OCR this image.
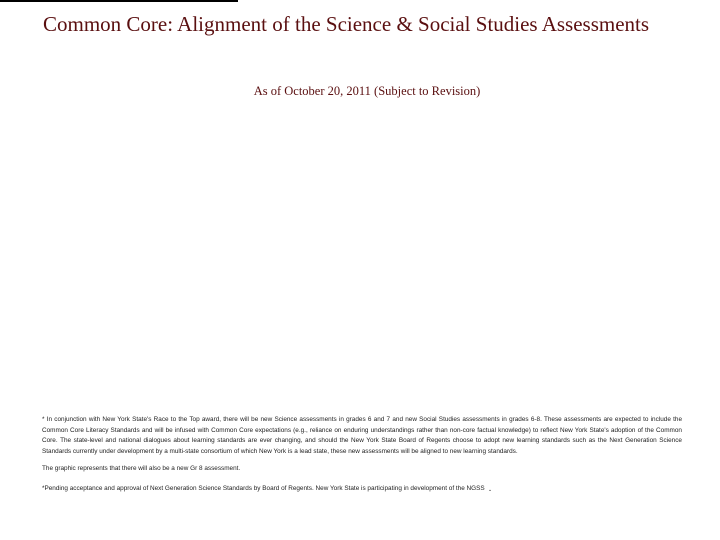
Common Core: Alignment of the Science & Social Studies Assessments
As of October 20, 2011 (Subject to Revision)

* In conjunction with New York State's Race to the Top award, there will be new Science assessments in grades 6 and 7 and new Social Studies assessments in grades 6-8. These assessments are expected to include the Common Core Literacy Standards and will be infused with Common Core expectations (e.g., reliance on enduring understandings rather than non-core factual knowledge) to reflect New York State's adoption of the Common Core. The state-level and national dialogues about learning standards are ever changing, and should the New York State Board of Regents choose to adopt new learning standards such as the Next Generation Science Standards currently under development by a multi-state consortium of which New York is a lead state, these new assessments will be aligned to new learning standards.

The graphic represents that there will also be a new Gr 8 assessment.

*Pending acceptance and approval of Next Generation Science Standards by Board of Regents. New York State is participating in development of the NGSS .
